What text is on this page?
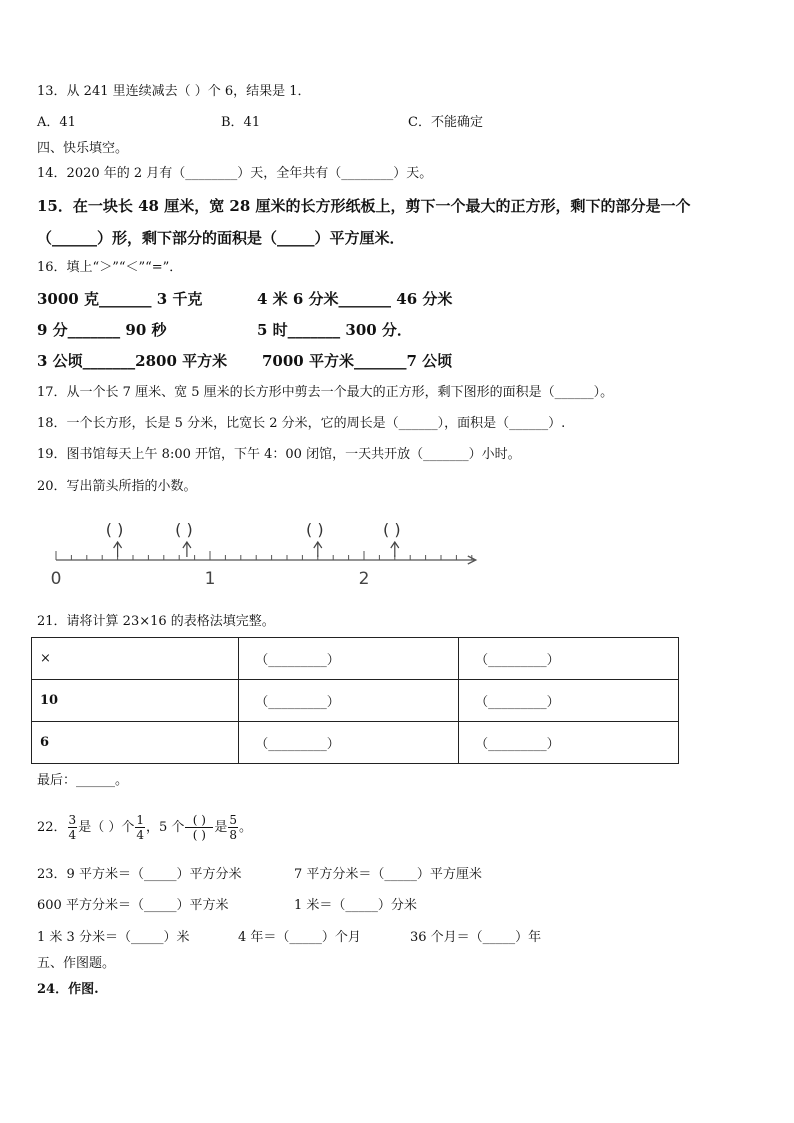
13．从 241 里连续减去（ ）个 6，结果是 1．
A．41	B．41	C．不能确定
四、快乐填空。
14．2020 年的 2 月有（________）天，全年共有（________）天。
15．在一块长 48 厘米，宽 28 厘米的长方形纸板上，剪下一个最大的正方形，剩下的部分是一个
（______）形，剩下部分的面积是（_____）平方厘米．
16．填上“＞”“＜”“=”．
3000 克_______ 3 千克	4 米 6 分米_______ 46 分米
9 分_______ 90 秒	5 时_______ 300 分．
3 公顷_______2800 平方米 7000 平方米_______7 公顷
17．从一个长 7 厘米、宽 5 厘米的长方形中剪去一个最大的正方形，剩下图形的面积是（______）。
18．一个长方形，长是 5 分米，比宽长 2 分米，它的周长是（______），面积是（______）.
19．图书馆每天上午 8:00 开馆，下午 4：00 闭馆，一天共开放（_______）小时。
20．写出箭头所指的小数。
0	1	2
( )	( )	( )	( )
21．请将计算 23×16 的表格法填完整。
×	（_________）	（_________）
10	（_________）	（_________）
6	（_________）	（_________）
最后：______。
22． $\frac{3}{4}$ 是（ ）个 $\frac{1}{4}$ ，5 个 $\frac{( )}{( )}$ 是 $\frac{5}{8}$ 。
23．9 平方米＝（_____）平方分米	7 平方分米＝（_____）平方厘米
600 平方分米＝（_____）平方米	1 米＝（_____）分米
1 米 3 分米＝（_____）米	4 年＝（_____）个月	36 个月＝（_____）年
五、作图题。
24．作图.
